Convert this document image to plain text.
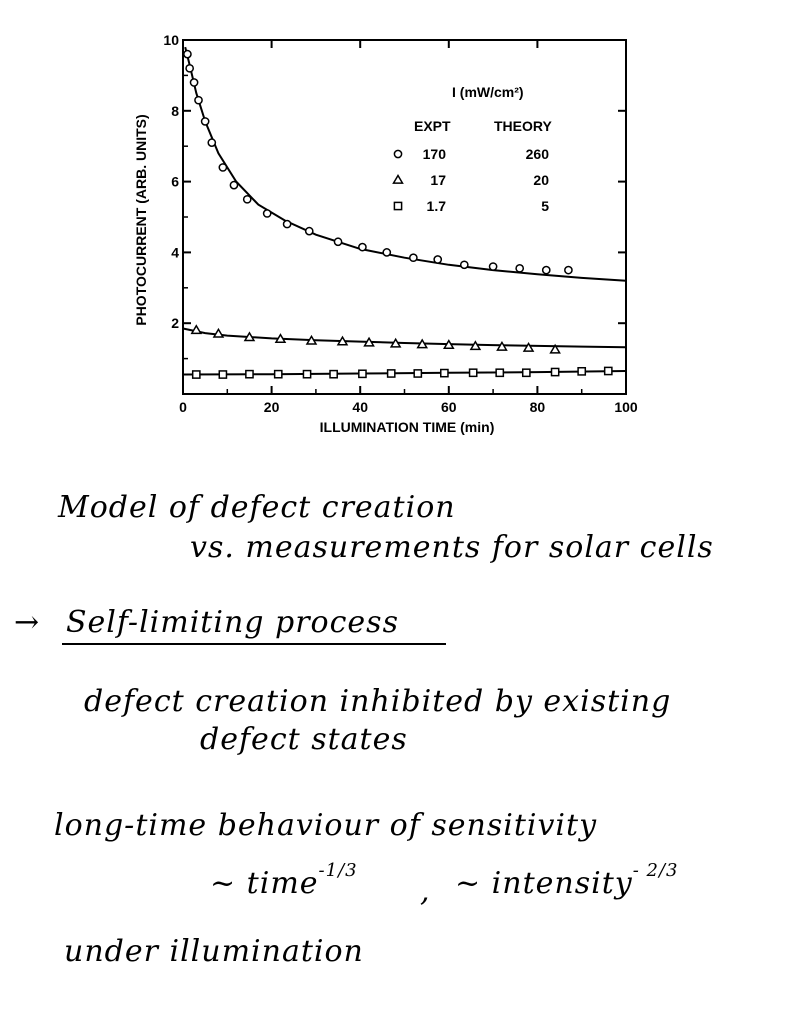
0	20	40	60	80	100
2
4
6
8
10
I (mW/cm²)
EXPT	THEORY
170	260
17	20
1.7	5
ILLUMINATION TIME (min)
PHOTOCURRENT (ARB. UNITS)
Model of defect creation
vs. measurements for solar cells
→ Self-limiting process
defect creation inhibited by existing
defect states
long-time behaviour of sensitivity
~ time$^{-1/3}$
, ~ intensity$^{- 2/3}$
under illumination
